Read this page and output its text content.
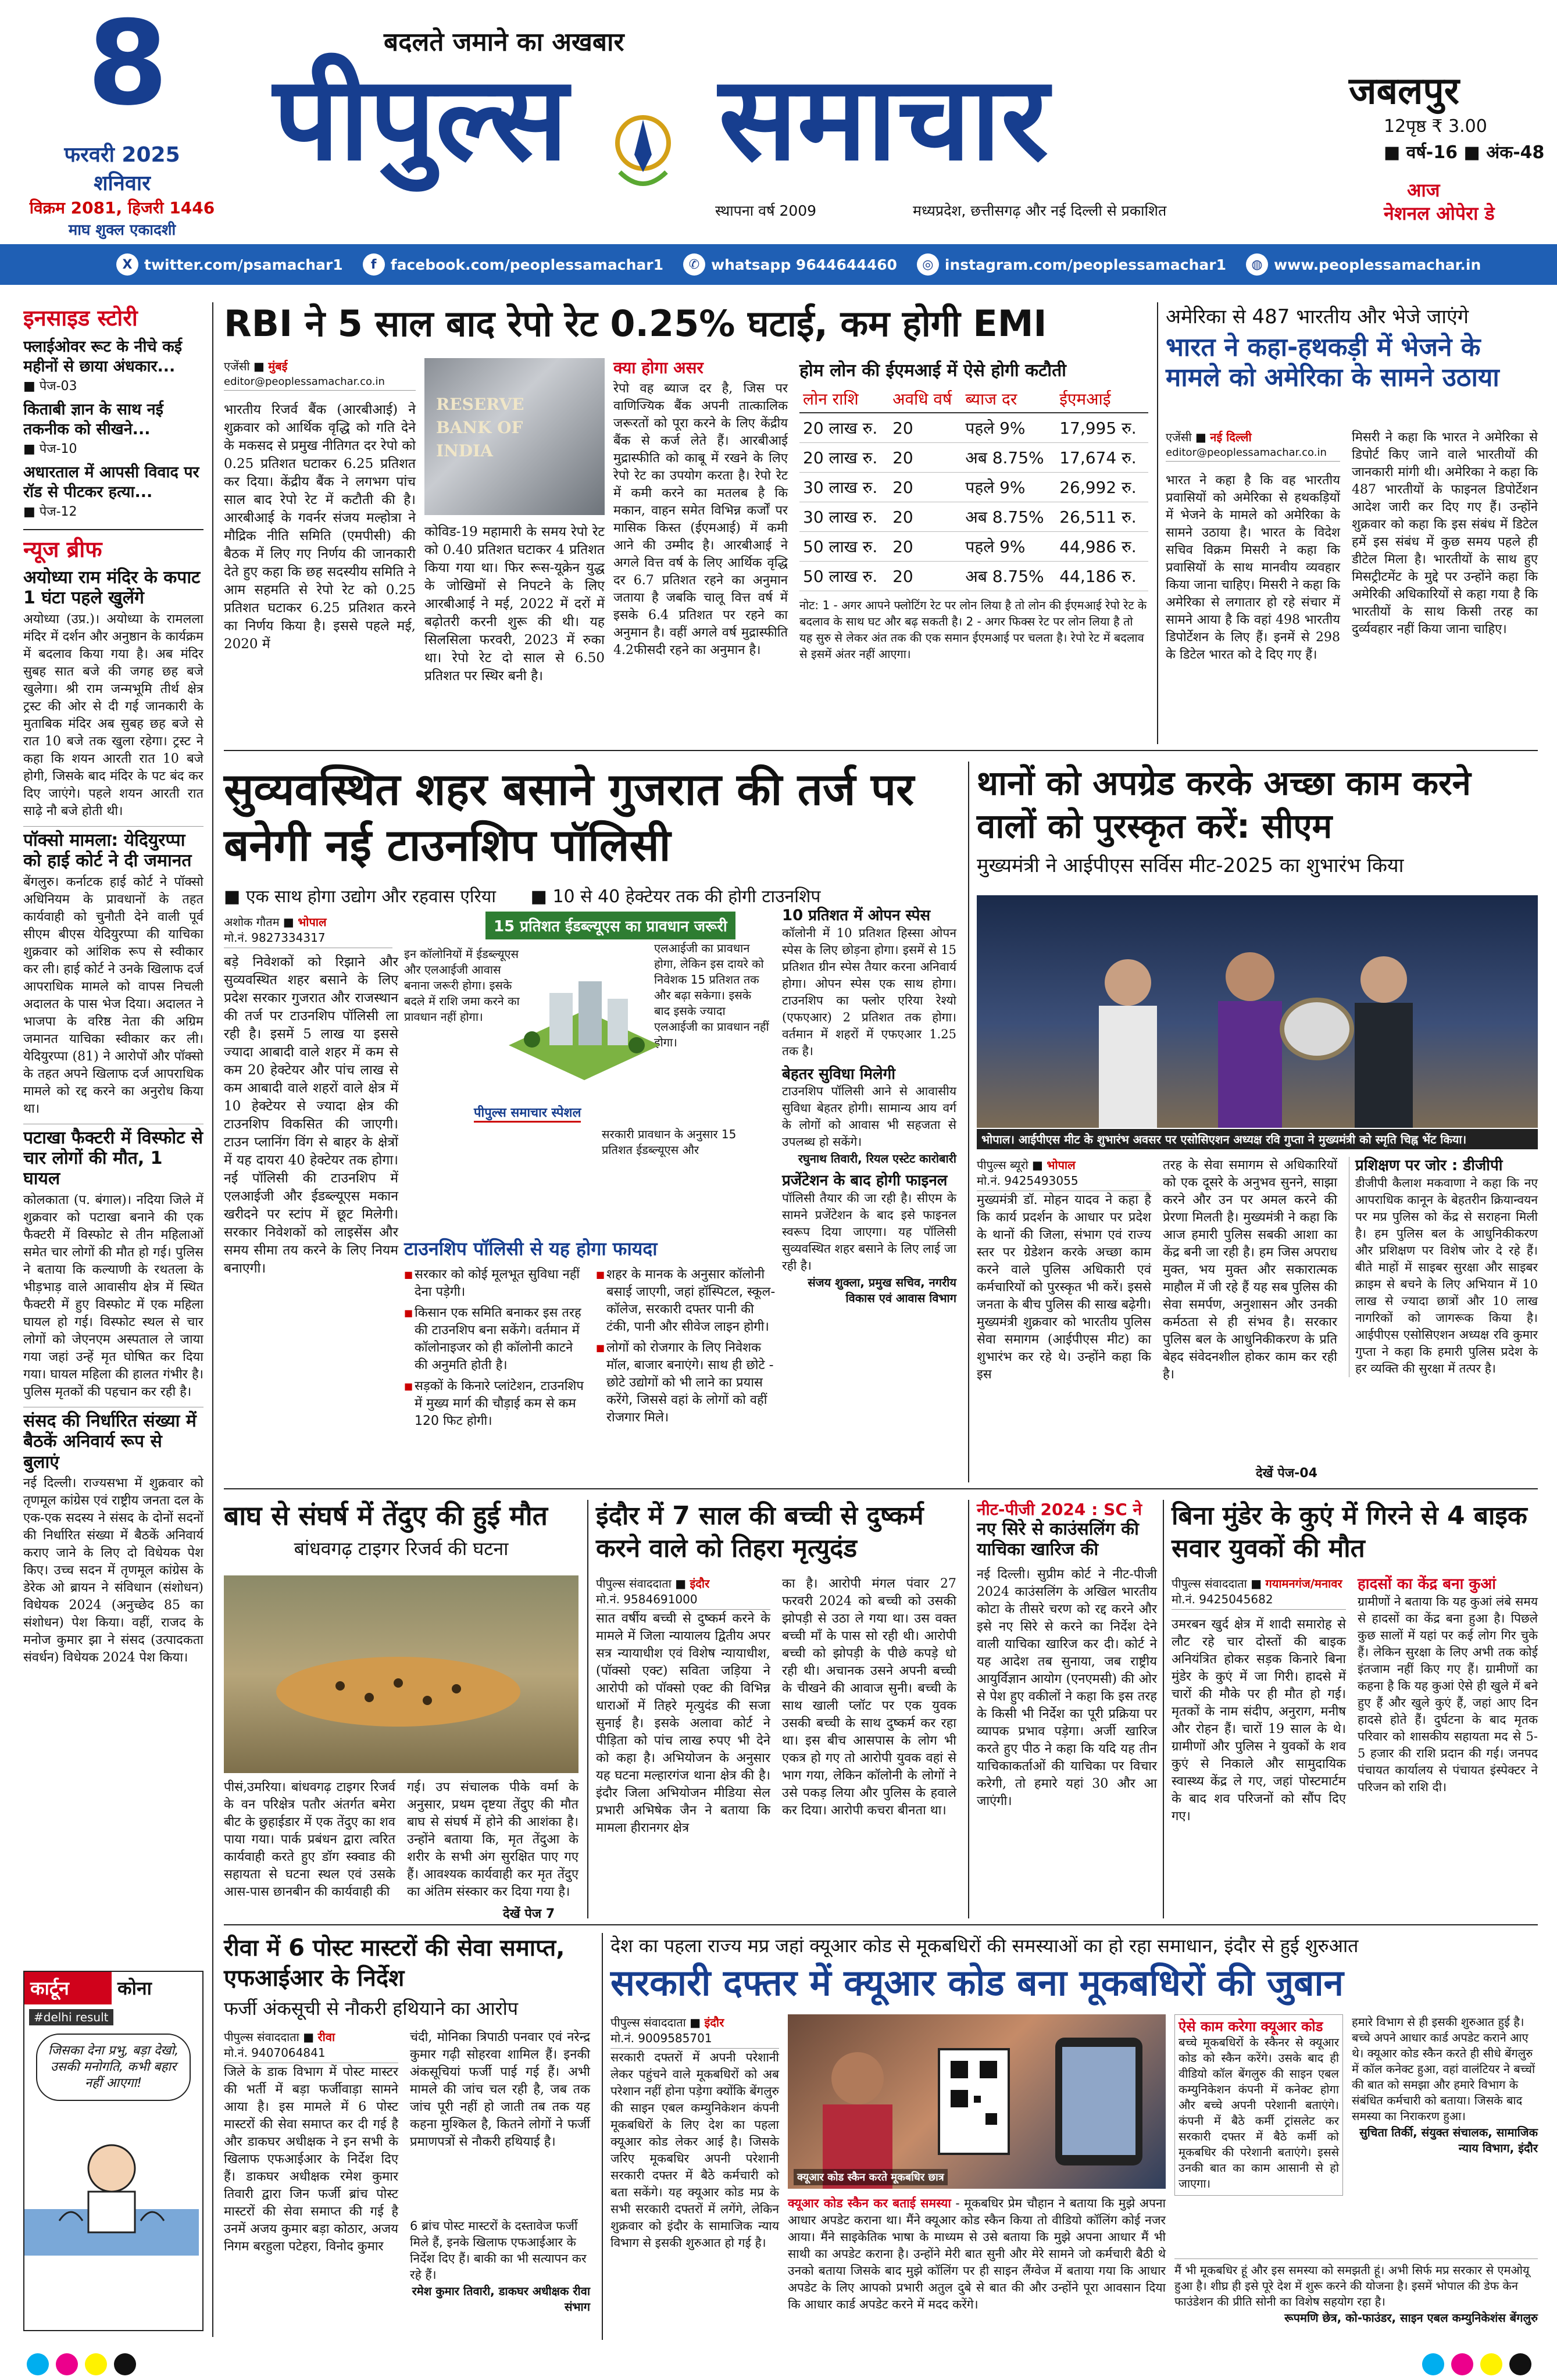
8
फरवरी 2025
शनिवार
विक्रम 2081, हिजरी 1446
माघ शुक्ल एकादशी
बदलते जमाने का अखबार
पीपुल्स समाचार
स्थापना वर्ष 2009	मध्यप्रदेश, छत्तीसगढ़ और नई दिल्ली से प्रकाशित
जबलपुर
12पृष्ठ ₹ 3.00
■ वर्ष-16 ■ अंक-48
आज
नेशनल ओपेरा डे
X twitter.com/psamachar1	f facebook.com/peoplessamachar1	✆ whatsapp 9644644460	◎ instagram.com/peoplessamachar1	◍ www.peoplessamachar.in
इनसाइड स्टोरी
फ्लाईओवर रूट के नीचे कई महीनों से छाया अंधकार...
■ पेज-03
किताबी ज्ञान के साथ नई तकनीक को सीखने...
■ पेज-10
अधारताल में आपसी विवाद पर रॉड से पीटकर हत्या...
■ पेज-12
न्यूज ब्रीफ
अयोध्या राम मंदिर के कपाट 1 घंटा पहले खुलेंगे

अयोध्या (उप्र.)। अयोध्या के रामलला मंदिर में दर्शन और अनुष्ठान के कार्यक्रम में बदलाव किया गया है। अब मंदिर सुबह सात बजे की जगह छह बजे खुलेगा। श्री राम जन्मभूमि तीर्थ क्षेत्र ट्रस्ट की ओर से दी गई जानकारी के मुताबिक मंदिर अब सुबह छह बजे से रात 10 बजे तक खुला रहेगा। ट्रस्ट ने कहा कि शयन आरती रात 10 बजे होगी, जिसके बाद मंदिर के पट बंद कर दिए जाएंगे। पहले शयन आरती रात साढ़े नौ बजे होती थी।

पॉक्सो मामला: येदियुरप्पा को हाई कोर्ट ने दी जमानत

बेंगलुरु। कर्नाटक हाई कोर्ट ने पॉक्सो अधिनियम के प्रावधानों के तहत कार्यवाही को चुनौती देने वाली पूर्व सीएम बीएस येदियुरप्पा की याचिका शुक्रवार को आंशिक रूप से स्वीकार कर ली। हाई कोर्ट ने उनके खिलाफ दर्ज आपराधिक मामले को वापस निचली अदालत के पास भेज दिया। अदालत ने भाजपा के वरिष्ठ नेता की अग्रिम जमानत याचिका स्वीकार कर ली। येदियुरप्पा (81) ने आरोपों और पॉक्सो के तहत अपने खिलाफ दर्ज आपराधिक मामले को रद्द करने का अनुरोध किया था।

पटाखा फैक्टरी में विस्फोट से चार लोगों की मौत, 1 घायल

कोलकाता (प. बंगाल)। नदिया जिले में शुक्रवार को पटाखा बनाने की एक फैक्टरी में विस्फोट से तीन महिलाओं समेत चार लोगों की मौत हो गई। पुलिस ने बताया कि कल्याणी के रथतला के भीड़भाड़ वाले आवासीय क्षेत्र में स्थित फैक्टरी में हुए विस्फोट में एक महिला घायल हो गई। विस्फोट स्थल से चार लोगों को जेएनएम अस्पताल ले जाया गया जहां उन्हें मृत घोषित कर दिया गया। घायल महिला की हालत गंभीर है। पुलिस मृतकों की पहचान कर रही है।

संसद की निर्धारित संख्या में बैठकें अनिवार्य रूप से बुलाएं

नई दिल्ली। राज्यसभा में शुक्रवार को तृणमूल कांग्रेस एवं राष्ट्रीय जनता दल के एक-एक सदस्य ने संसद के दोनों सदनों की निर्धारित संख्या में बैठकें अनिवार्य कराए जाने के लिए दो विधेयक पेश किए। उच्च सदन में तृणमूल कांग्रेस के डेरेक ओ ब्रायन ने संविधान (संशोधन) विधेयक 2024 (अनुच्छेद 85 का संशोधन) पेश किया। वहीं, राजद के मनोज कुमार झा ने संसद (उत्पादकता संवर्धन) विधेयक 2024 पेश किया।

कार्टून	कोना
#delhi result
जिसका देना प्रभु, बड़ा देखो, उसकी मनोगति, कभी बहार नहीं आएगा!
RBI ने 5 साल बाद रेपो रेट 0.25% घटाई, कम होगी EMI
एजेंसी ■ मुंबई
editor@peoplessamachar.co.in

भारतीय रिजर्व बैंक (आरबीआई) ने शुक्रवार को आर्थिक वृद्धि को गति देने के मकसद से प्रमुख नीतिगत दर रेपो को 0.25 प्रतिशत घटाकर 6.25 प्रतिशत कर दिया। केंद्रीय बैंक ने लगभग पांच साल बाद रेपो रेट में कटौती की है। आरबीआई के गवर्नर संजय मल्होत्रा ने मौद्रिक नीति समिति (एमपीसी) की बैठक में लिए गए निर्णय की जानकारी देते हुए कहा कि छह सदस्यीय समिति ने आम सहमति से रेपो रेट को 0.25 प्रतिशत घटाकर 6.25 प्रतिशत करने का निर्णय किया है। इससे पहले मई, 2020 में

RESERVE BANK OF INDIA

कोविड-19 महामारी के समय रेपो रेट को 0.40 प्रतिशत घटाकर 4 प्रतिशत किया गया था। फिर रूस-यूक्रेन युद्ध के जोखिमों से निपटने के लिए आरबीआई ने मई, 2022 में दरों में बढ़ोतरी करनी शुरू की थी। यह सिलसिला फरवरी, 2023 में रुका था। रेपो रेट दो साल से 6.50 प्रतिशत पर स्थिर बनी है।

क्या होगा असर

रेपो वह ब्याज दर है, जिस पर वाणिज्यिक बैंक अपनी तात्कालिक जरूरतों को पूरा करने के लिए केंद्रीय बैंक से कर्ज लेते हैं। आरबीआई मुद्रास्फीति को काबू में रखने के लिए रेपो रेट का उपयोग करता है। रेपो रेट में कमी करने का मतलब है कि मकान, वाहन समेत विभिन्न कर्जों पर मासिक किस्त (ईएमआई) में कमी आने की उम्मीद है। आरबीआई ने अगले वित्त वर्ष के लिए आर्थिक वृद्धि दर 6.7 प्रतिशत रहने का अनुमान जताया है जबकि चालू वित्त वर्ष में इसके 6.4 प्रतिशत पर रहने का अनुमान है। वहीं अगले वर्ष मुद्रास्फीति 4.2फीसदी रहने का अनुमान है।

होम लोन की ईएमआई में ऐसे होगी कटौती
लोन राशि	अवधि वर्ष	ब्याज दर	ईएमआई
20 लाख रु.	20	पहले 9%	17,995 रु.
20 लाख रु.	20	अब 8.75%	17,674 रु.
30 लाख रु.	20	पहले 9%	26,992 रु.
30 लाख रु.	20	अब 8.75%	26,511 रु.
50 लाख रु.	20	पहले 9%	44,986 रु.
50 लाख रु.	20	अब 8.75%	44,186 रु.

नोट: 1 - अगर आपने फ्लोटिंग रेट पर लोन लिया है तो लोन की ईएमआई रेपो रेट के बदलाव के साथ घट और बढ़ सकती है। 2 - अगर फिक्स रेट पर लोन लिया है तो यह सुरु से लेकर अंत तक की एक समान ईएमआई पर चलता है। रेपो रेट में बदलाव से इसमें अंतर नहीं आएगा।

अमेरिका से 487 भारतीय और भेजे जाएंगे
भारत ने कहा-हथकड़ी में भेजने के मामले को अमेरिका के सामने उठाया
एजेंसी ■ नई दिल्ली
editor@peoplessamachar.co.in

भारत ने कहा है कि वह भारतीय प्रवासियों को अमेरिका से हथकड़ियों में भेजने के मामले को अमेरिका के सामने उठाया है। भारत के विदेश सचिव विक्रम मिसरी ने कहा कि प्रवासियों के साथ मानवीय व्यवहार किया जाना चाहिए। मिसरी ने कहा कि अमेरिका से लगातार हो रहे संचार में सामने आया है कि वहां 498 भारतीय डिपोर्टेशन के लिए हैं। इनमें से 298 के डिटेल भारत को दे दिए गए हैं।

मिसरी ने कहा कि भारत ने अमेरिका से डिपोर्ट किए जाने वाले भारतीयों की जानकारी मांगी थी। अमेरिका ने कहा कि 487 भारतीयों के फाइनल डिपोर्टेशन आदेश जारी कर दिए गए हैं। उन्होंने शुक्रवार को कहा कि इस संबंध में डिटेल हमें इस संबंध में कुछ समय पहले ही डीटेल मिला है। भारतीयों के साथ हुए मिसट्रीटमेंट के मुद्दे पर उन्होंने कहा कि अमेरिकी अधिकारियों से कहा गया है कि भारतीयों के साथ किसी तरह का दुर्व्यवहार नहीं किया जाना चाहिए।

सुव्यवस्थित शहर बसाने गुजरात की तर्ज पर बनेगी नई टाउनशिप पॉलिसी
■ एक साथ होगा उद्योग और रहवास एरिया ■ 10 से 40 हेक्टेयर तक की होगी टाउनशिप
अशोक गौतम ■ भोपाल
मो.नं. 9827334317

बड़े निवेशकों को रिझाने और सुव्यवस्थित शहर बसाने के लिए प्रदेश सरकार गुजरात और राजस्थान की तर्ज पर टाउनशिप पॉलिसी ला रही है। इसमें 5 लाख या इससे ज्यादा आबादी वाले शहर में कम से कम 20 हेक्टेयर और पांच लाख से कम आबादी वाले शहरों वाले क्षेत्र में 10 हेक्टेयर से ज्यादा क्षेत्र की टाउनशिप विकसित की जाएगी। टाउन प्लानिंग विंग से बाहर के क्षेत्रों में यह दायरा 40 हेक्टेयर तक होगा। नई पॉलिसी की टाउनशिप में एलआईजी और ईडब्ल्यूएस मकान खरीदने पर स्टांप में छूट मिलेगी। सरकार निवेशकों को लाइसेंस और समय सीमा तय करने के लिए नियम बनाएगी।

15 प्रतिशत ईडब्ल्यूएस का प्रावधान जरूरी

इन कॉलोनियों में ईडब्ल्यूएस और एलआईजी आवास बनाना जरूरी होगा। इसके बदले में राशि जमा करने का प्रावधान नहीं होगा।

एलआईजी का प्रावधान होगा, लेकिन इस दायरे को निवेशक 15 प्रतिशत तक और बढ़ा सकेगा। इसके बाद इसके ज्यादा एलआईजी का प्रावधान नहीं होगा।

पीपुल्स समाचार स्पेशल

सरकारी प्रावधान के अनुसार 15 प्रतिशत ईडब्ल्यूएस और

10 प्रतिशत में ओपन स्पेस

कॉलोनी में 10 प्रतिशत हिस्सा ओपन स्पेस के लिए छोड़ना होगा। इसमें से 15 प्रतिशत ग्रीन स्पेस तैयार करना अनिवार्य होगा। ओपन स्पेस एक साथ होगा। टाउनशिप का फ्लोर एरिया रेश्यो (एफएआर) 2 प्रतिशत तक होगा। वर्तमान में शहरों में एफएआर 1.25 तक है।

बेहतर सुविधा मिलेगी

टाउनशिप पॉलिसी आने से आवासीय सुविधा बेहतर होगी। सामान्य आय वर्ग के लोगों को आवास भी सहजता से उपलब्ध हो सकेंगे।

रघुनाथ तिवारी, रियल एस्टेट कारोबारी
प्रजेंटेशन के बाद होगी फाइनल

पॉलिसी तैयार की जा रही है। सीएम के सामने प्रजेंटेशन के बाद इसे फाइनल स्वरूप दिया जाएगा। यह पॉलिसी सुव्यवस्थित शहर बसाने के लिए लाई जा रही है।

संजय शुक्ला, प्रमुख सचिव, नगरीय विकास एवं आवास विभाग
टाउनशिप पॉलिसी से यह होगा फायदा
■ सरकार को कोई मूलभूत सुविधा नहीं देना पड़ेगी।
■ किसान एक समिति बनाकर इस तरह की टाउनशिप बना सकेंगे। वर्तमान में कॉलोनाइजर को ही कॉलोनी काटने की अनुमति होती है।
■ सड़कों के किनारे प्लांटेशन, टाउनशिप में मुख्य मार्ग की चौड़ाई कम से कम 120 फिट होगी।
■ शहर के मानक के अनुसार कॉलोनी बसाई जाएगी, जहां हॉस्पिटल, स्कूल-कॉलेज, सरकारी दफ्तर पानी की टंकी, पानी और सीवेज लाइन होगी।
■ लोगों को रोजगार के लिए निवेशक मॉल, बाजार बनाएंगे। साथ ही छोटे - छोटे उद्योगों को भी लाने का प्रयास करेंगे, जिससे वहां के लोगों को वहीं रोजगार मिले।
थानों को अपग्रेड करके अच्छा काम करने वालों को पुरस्कृत करें: सीएम
मुख्यमंत्री ने आईपीएस सर्विस मीट-2025 का शुभारंभ किया
भोपाल। आईपीएस मीट के शुभारंभ अवसर पर एसोसिएशन अध्यक्ष रवि गुप्ता ने मुख्यमंत्री को स्मृति चिह्न भेंट किया।
पीपुल्स ब्यूरो ■ भोपाल
मो.नं. 9425493055

मुख्यमंत्री डॉ. मोहन यादव ने कहा है कि कार्य प्रदर्शन के आधार पर प्रदेश के थानों की जिला, संभाग एवं राज्य स्तर पर ग्रेडेशन करके अच्छा काम करने वाले पुलिस अधिकारी एवं कर्मचारियों को पुरस्कृत भी करें। इससे जनता के बीच पुलिस की साख बढ़ेगी। मुख्यमंत्री शुक्रवार को भारतीय पुलिस सेवा समागम (आईपीएस मीट) का शुभारंभ कर रहे थे। उन्होंने कहा कि इस

तरह के सेवा समागम से अधिकारियों को एक दूसरे के अनुभव सुनने, साझा करने और उन पर अमल करने की प्रेरणा मिलती है। मुख्यमंत्री ने कहा कि आज हमारी पुलिस सबकी आशा का केंद्र बनी जा रही है। हम जिस अपराध मुक्त, भय मुक्त और सकारात्मक माहौल में जी रहे हैं यह सब पुलिस की सेवा समर्पण, अनुशासन और उनकी कर्मठता से ही संभव है। सरकार पुलिस बल के आधुनिकीकरण के प्रति बेहद संवेदनशील होकर काम कर रही है।

देखें पेज-04
प्रशिक्षण पर जोर : डीजीपी

डीजीपी कैलाश मकवाणा ने कहा कि नए आपराधिक कानून के बेहतरीन क्रियान्वयन पर मप्र पुलिस को केंद्र से सराहना मिली है। हम पुलिस बल के आधुनिकीकरण और प्रशिक्षण पर विशेष जोर दे रहे हैं। बीते माहों में साइबर सुरक्षा और साइबर क्राइम से बचने के लिए अभियान में 10 लाख से ज्यादा छात्रों और 10 लाख नागरिकों को जागरूक किया है। आईपीएस एसोसिएशन अध्यक्ष रवि कुमार गुप्ता ने कहा कि हमारी पुलिस प्रदेश के हर व्यक्ति की सुरक्षा में तत्पर है।

बाघ से संघर्ष में तेंदुए की हुई मौत
बांधवगढ़ टाइगर रिजर्व की घटना

पीसं,उमरिया। बांधवगढ़ टाइगर रिजर्व के वन परिक्षेत्र पतौर अंतर्गत बमेरा बीट के छुहाईडार में एक तेंदुए का शव पाया गया। पार्क प्रबंधन द्वारा त्वरित कार्यवाही करते हुए डॉग स्क्वाड की सहायता से घटना स्थल एवं उसके आस-पास छानबीन की कार्यवाही की

गई। उप संचालक पीके वर्मा के अनुसार, प्रथम दृष्टया तेंदुए की मौत बाघ से संघर्ष में होने की आशंका है। उन्होंने बताया कि, मृत तेंदुआ के शरीर के सभी अंग सुरक्षित पाए गए हैं। आवश्यक कार्यवाही कर मृत तेंदुए का अंतिम संस्कार कर दिया गया है।

देखें पेज 7
इंदौर में 7 साल की बच्ची से दुष्कर्म करने वाले को तिहरा मृत्युदंड
पीपुल्स संवाददाता ■ इंदौर
मो.नं. 9584691000

सात वर्षीय बच्ची से दुष्कर्म करने के मामले में जिला न्यायालय द्वितीय अपर सत्र न्यायाधीश एवं विशेष न्यायाधीश, (पॉक्सो एक्ट) सविता जड़िया ने आरोपी को पॉक्सो एक्ट की विभिन्न धाराओं में तिहरे मृत्युदंड की सजा सुनाई है। इसके अलावा कोर्ट ने पीड़िता को पांच लाख रुपए भी देने को कहा है। अभियोजन के अनुसार यह घटना मल्हारगंज थाना क्षेत्र की है। इंदौर जिला अभियोजन मीडिया सेल प्रभारी अभिषेक जैन ने बताया कि मामला हीरानगर क्षेत्र

का है। आरोपी मंगल पंवार 27 फरवरी 2024 को बच्ची को उसकी झोपड़ी से उठा ले गया था। उस वक्त बच्ची माँ के पास सो रही थी। आरोपी बच्ची को झोपड़ी के पीछे कपड़े धो रही थी। अचानक उसने अपनी बच्ची के चीखने की आवाज सुनी। बच्ची के साथ खाली प्लॉट पर एक युवक उसकी बच्ची के साथ दुष्कर्म कर रहा था। इस बीच आसपास के लोग भी एकत्र हो गए तो आरोपी युवक वहां से भाग गया, लेकिन कॉलोनी के लोगों ने उसे पकड़ लिया और पुलिस के हवाले कर दिया। आरोपी कचरा बीनता था।

नीट-पीजी 2024 : SC ने
नए सिरे से काउंसलिंग की याचिका खारिज की

नई दिल्ली। सुप्रीम कोर्ट ने नीट-पीजी 2024 काउंसलिंग के अखिल भारतीय कोटा के तीसरे चरण को रद्द करने और इसे नए सिरे से करने का निर्देश देने वाली याचिका खारिज कर दी। कोर्ट ने यह आदेश तब सुनाया, जब राष्ट्रीय आयुर्विज्ञान आयोग (एनएमसी) की ओर से पेश हुए वकीलों ने कहा कि इस तरह के किसी भी निर्देश का पूरी प्रक्रिया पर व्यापक प्रभाव पड़ेगा। अर्जी खारिज करते हुए पीठ ने कहा कि यदि यह तीन याचिकाकर्ताओं की याचिका पर विचार करेगी, तो हमारे यहां 30 और आ जाएंगी।

बिना मुंडेर के कुएं में गिरने से 4 बाइक सवार युवकों की मौत
पीपुल्स संवाददाता ■ गयामनगंज/मनावर
मो.नं. 9425045682

उमरबन खुर्द क्षेत्र में शादी समारोह से लौट रहे चार दोस्तों की बाइक अनियंत्रित होकर सड़क किनारे बिना मुंडेर के कुएं में जा गिरी। हादसे में चारों की मौके पर ही मौत हो गई। मृतकों के नाम संदीप, अनुराग, मनीष और रोहन हैं। चारों 19 साल के थे। ग्रामीणों और पुलिस ने युवकों के शव कुएं से निकाले और सामुदायिक स्वास्थ्य केंद्र ले गए, जहां पोस्टमार्टम के बाद शव परिजनों को सौंप दिए गए।

हादसों का केंद्र बना कुआं

ग्रामीणों ने बताया कि यह कुआं लंबे समय से हादसों का केंद्र बना हुआ है। पिछले कुछ सालों में यहां पर कई लोग गिर चुके हैं। लेकिन सुरक्षा के लिए अभी तक कोई इंतजाम नहीं किए गए हैं। ग्रामीणों का कहना है कि यह कुआं ऐसे ही खुले में बने हुए हैं और खुले कुएं हैं, जहां आए दिन हादसे होते हैं। दुर्घटना के बाद मृतक परिवार को शासकीय सहायता मद से 5-5 हजार की राशि प्रदान की गई। जनपद पंचायत कार्यालय से पंचायत इंस्पेक्टर ने परिजन को राशि दी।

रीवा में 6 पोस्ट मास्टरों की सेवा समाप्त, एफआईआर के निर्देश
फर्जी अंकसूची से नौकरी हथियाने का आरोप
पीपुल्स संवाददाता ■ रीवा
मो.नं. 9407064841

जिले के डाक विभाग में पोस्ट मास्टर की भर्ती में बड़ा फर्जीवाड़ा सामने आया है। इस मामले में 6 पोस्ट मास्टरों की सेवा समाप्त कर दी गई है और डाकघर अधीक्षक ने इन सभी के खिलाफ एफआईआर के निर्देश दिए हैं। डाकघर अधीक्षक रमेश कुमार तिवारी द्वारा जिन फर्जी ब्रांच पोस्ट मास्टरों की सेवा समाप्त की गई है उनमें अजय कुमार बड़ा कोठार, अजय निगम बरहुला पटेहरा, विनोद कुमार

चंदी, मोनिका त्रिपाठी पनवार एवं नरेन्द्र कुमार गढ़ी सोहरवा शामिल हैं। इनकी अंकसूचियां फर्जी पाई गई हैं। अभी मामले की जांच चल रही है, जब तक जांच पूरी नहीं हो जाती तब तक यह कहना मुश्किल है, कितने लोगों ने फर्जी प्रमाणपत्रों से नौकरी हथियाई है।

6 ब्रांच पोस्ट मास्टरों के दस्तावेज फर्जी मिले हैं, इनके खिलाफ एफआईआर के निर्देश दिए हैं। बाकी का भी सत्यापन कर रहे हैं।

रमेश कुमार तिवारी, डाकघर अधीक्षक रीवा संभाग
देश का पहला राज्य मप्र जहां क्यूआर कोड से मूकबधिरों की समस्याओं का हो रहा समाधान, इंदौर से हुई शुरुआत
सरकारी दफ्तर में क्यूआर कोड बना मूकबधिरों की जुबान
पीपुल्स संवाददाता ■ इंदौर
मो.नं. 9009585701

सरकारी दफ्तरों में अपनी परेशानी लेकर पहुंचने वाले मूकबधिरों को अब परेशान नहीं होना पड़ेगा क्योंकि बेंगलुरु की साइन एबल कम्युनिकेशन कंपनी मूकबधिरों के लिए देश का पहला क्यूआर कोड लेकर आई है। जिसके जरिए मूकबधिर अपनी परेशानी सरकारी दफ्तर में बैठे कर्मचारी को बता सकेंगे। यह क्यूआर कोड मप्र के सभी सरकारी दफ्तरों में लगेंगे, लेकिन शुक्रवार को इंदौर के सामाजिक न्याय विभाग से इसकी शुरुआत हो गई है।

क्यूआर कोड स्कैन करते मूकबधिर छात्र

क्यूआर कोड स्कैन कर बताई समस्या - मूकबधिर प्रेम चौहान ने बताया कि मुझे अपना आधार अपडेट कराना था। मैंने क्यूआर कोड स्कैन किया तो वीडियो कॉलिंग कोई नजर आया। मैंने साइकेतिक भाषा के माध्यम से उसे बताया कि मुझे अपना आधार मैं भी साथी का अपडेट कराना है। उन्होंने मेरी बात सुनी और मेरे सामने जो कर्मचारी बैठी थे उनको बताया जिसके बाद मुझे कॉलिंग पर ही साइन लैंग्वेज में बताया गया कि आधार अपडेट के लिए आपको प्रभारी अतुल दुबे से बात की और उन्होंने पूरा आवसान दिया कि आधार कार्ड अपडेट करने में मदद करेंगे।

ऐसे काम करेगा क्यूआर कोड

बच्चे मूकबधिरों के स्कैनर से क्यूआर कोड को स्कैन करेंगे। उसके बाद ही वीडियो कॉल बेंगलुरु की साइन एबल कम्युनिकेशन कंपनी में कनेक्ट होगा और बच्चे अपनी परेशानी बताएंगे। कंपनी में बैठे कर्मी ट्रांसलेट कर सरकारी दफ्तर में बैठे कर्मी को मूकबधिर की परेशानी बताएंगे। इससे उनकी बात का काम आसानी से हो जाएगा।

हमारे विभाग से ही इसकी शुरुआत हुई है। बच्चे अपने आधार कार्ड अपडेट कराने आए थे। क्यूआर कोड स्कैन करते ही सीधे बेंगलुरु में कॉल कनेक्ट हुआ, वहां वालंटियर ने बच्चों की बात को समझा और हमारे विभाग के संबंधित कर्मचारी को बताया। जिसके बाद समस्या का निराकरण हुआ।

सुचिता तिर्की, संयुक्त संचालक, सामाजिक न्याय विभाग, इंदौर

मैं भी मूकबधिर हूं और इस समस्या को समझती हूं। अभी सिर्फ मप्र सरकार से एमओयू हुआ है। शीघ्र ही इसे पूरे देश में शुरू करने की योजना है। इसमें भोपाल की डेफ केन फाउंडेशन की प्रीति सोनी का विशेष सहयोग रहा है।

रूपमणि छेत्र, को-फाउंडर, साइन एबल कम्युनिकेशंस बेंगलुरु
